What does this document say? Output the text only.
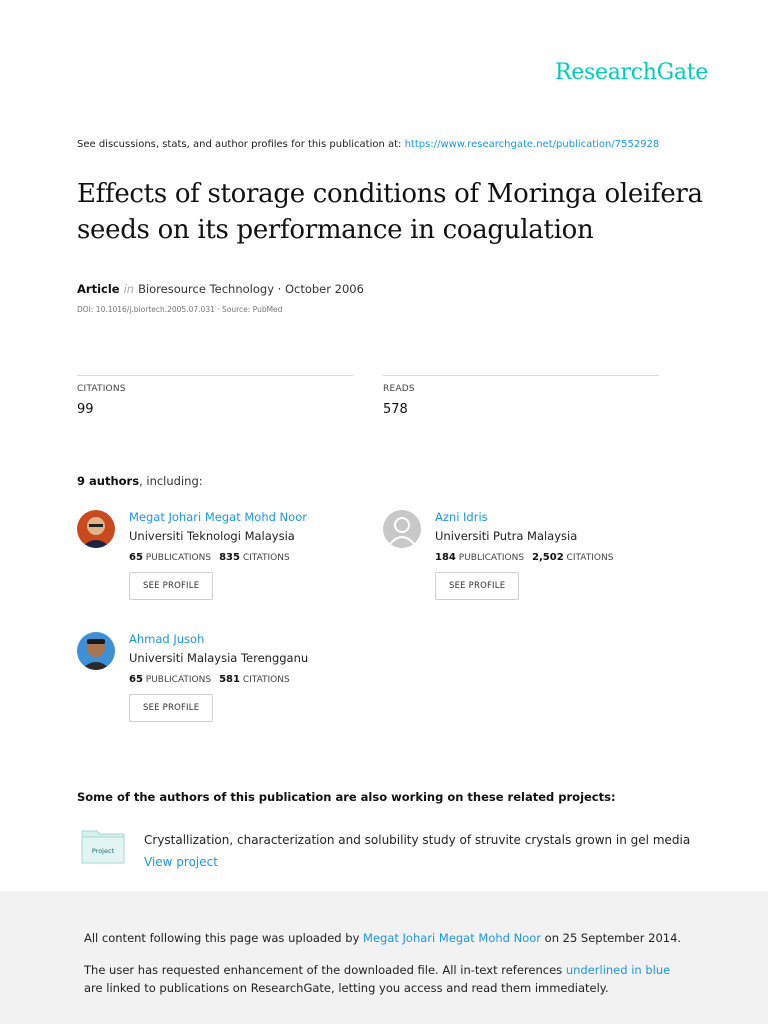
ResearchGate
See discussions, stats, and author profiles for this publication at: https://www.researchgate.net/publication/7552928
Effects of storage conditions of Moringa oleifera seeds on its performance in coagulation
Article in Bioresource Technology · October 2006
DOI: 10.1016/j.biortech.2005.07.031 · Source: PubMed
CITATIONS
99
READS
578
9 authors, including:
Megat Johari Megat Mohd Noor
Universiti Teknologi Malaysia
65 PUBLICATIONS 835 CITATIONS
SEE PROFILE
Azni Idris
Universiti Putra Malaysia
184 PUBLICATIONS 2,502 CITATIONS
SEE PROFILE
Ahmad Jusoh
Universiti Malaysia Terengganu
65 PUBLICATIONS 581 CITATIONS
SEE PROFILE
Some of the authors of this publication are also working on these related projects:
Project
Crystallization, characterization and solubility study of struvite crystals grown in gel media View project
All content following this page was uploaded by Megat Johari Megat Mohd Noor on 25 September 2014.
The user has requested enhancement of the downloaded file. All in-text references underlined in blue
are linked to publications on ResearchGate, letting you access and read them immediately.
